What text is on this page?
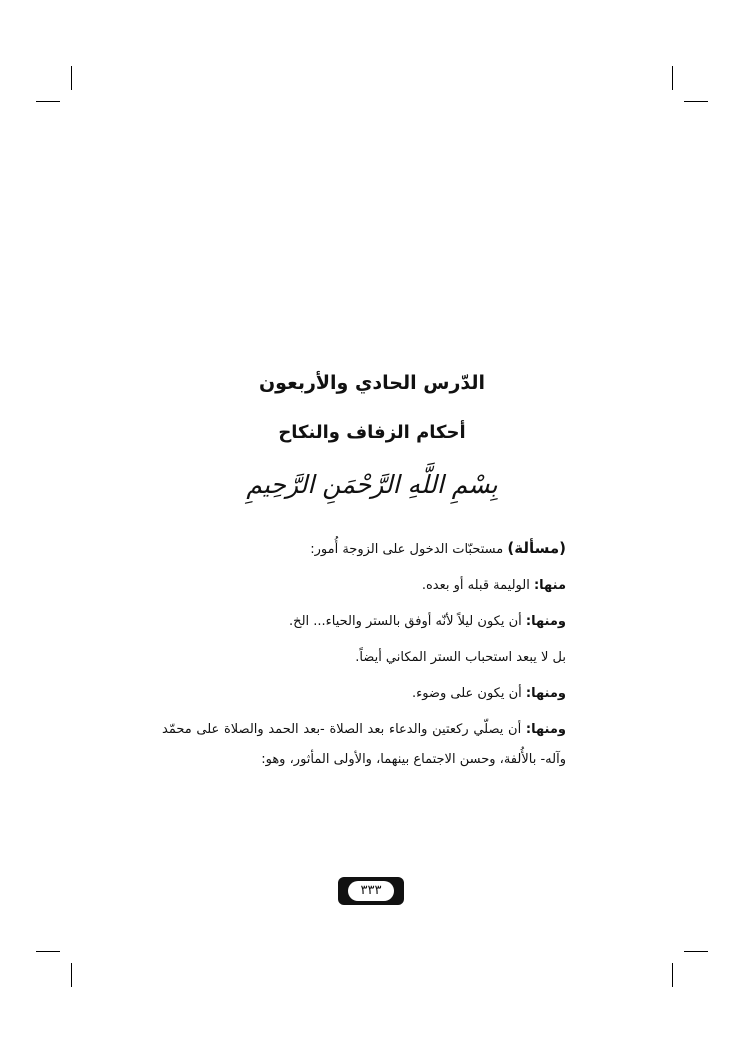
الدّرس الحادي والأربعون
أحكام الزفاف والنكاح
بِسْمِ اللَّهِ الرَّحْمَنِ الرَّحِيمِ

(مسألة) مستحبّات الدخول على الزوجة أُمور:

منها: الوليمة قبله أو بعده.

ومنها: أن يكون ليلاً لأنّه أوفق بالستر والحياء... الخ.

بل لا يبعد استحباب الستر المكاني أيضاً.

ومنها: أن يكون على وضوء.

ومنها: أن يصلّي ركعتين والدعاء بعد الصلاة -بعد الحمد والصلاة على محمّد وآله- بالأُلفة، وحسن الاجتماع بينهما، والأولى المأثور، وهو:

٣٣٣
